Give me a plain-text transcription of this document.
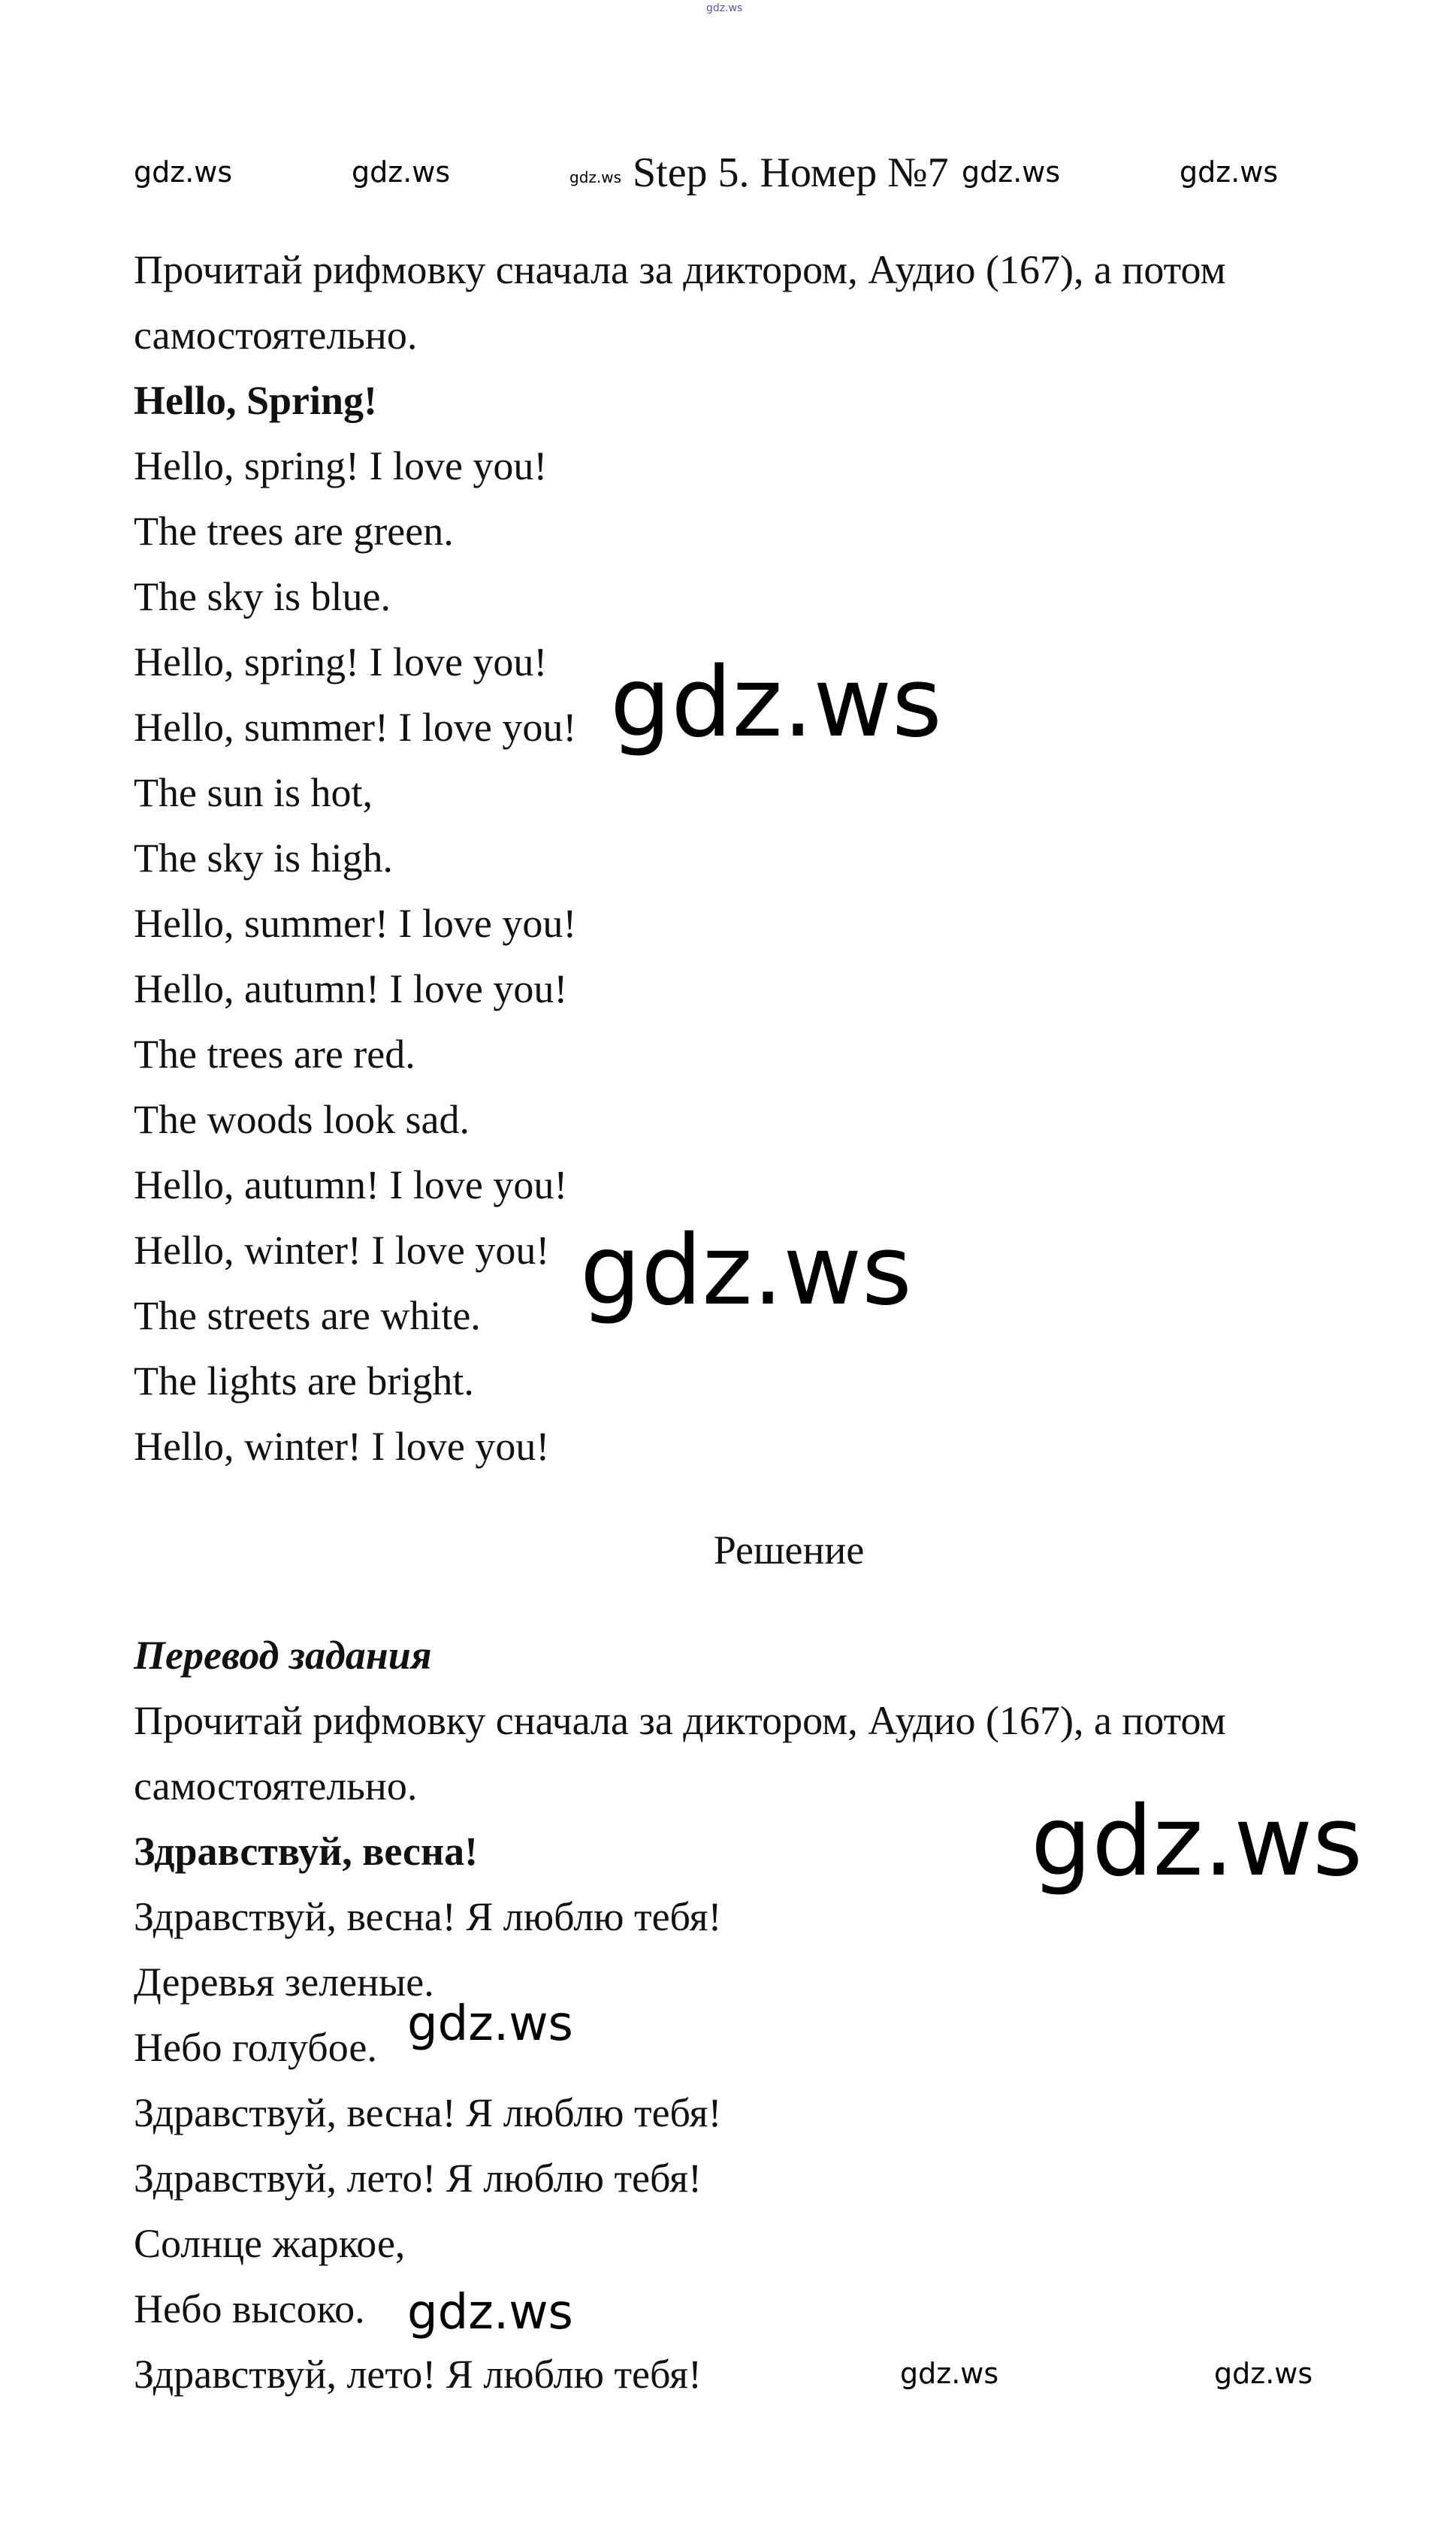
gdz.ws
gdz.ws	gdz.ws	gdz.ws Step 5. Номер №7 gdz.ws	gdz.ws
Прочитай рифмовку сначала за диктором, Аудио (167), а потом
самостоятельно.
Hello, Spring!
Hello, spring! I love you!
The trees are green.
The sky is blue.
Hello, spring! I love you!
Hello, summer! I love you!
The sun is hot,
The sky is high.
Hello, summer! I love you!
Hello, autumn! I love you!
The trees are red.
The woods look sad.
Hello, autumn! I love you!
Hello, winter! I love you!
The streets are white.
The lights are bright.
Hello, winter! I love you!
gdz.ws
gdz.ws
Решение
Перевод задания
Прочитай рифмовку сначала за диктором, Аудио (167), а потом
самостоятельно.
Здравствуй, весна!
Здравствуй, весна! Я люблю тебя!
Деревья зеленые.
Небо голубое.
Здравствуй, весна! Я люблю тебя!
Здравствуй, лето! Я люблю тебя!
Солнце жаркое,
Небо высоко.
Здравствуй, лето! Я люблю тебя!
gdz.ws
gdz.ws
gdz.ws
gdz.ws	gdz.ws
